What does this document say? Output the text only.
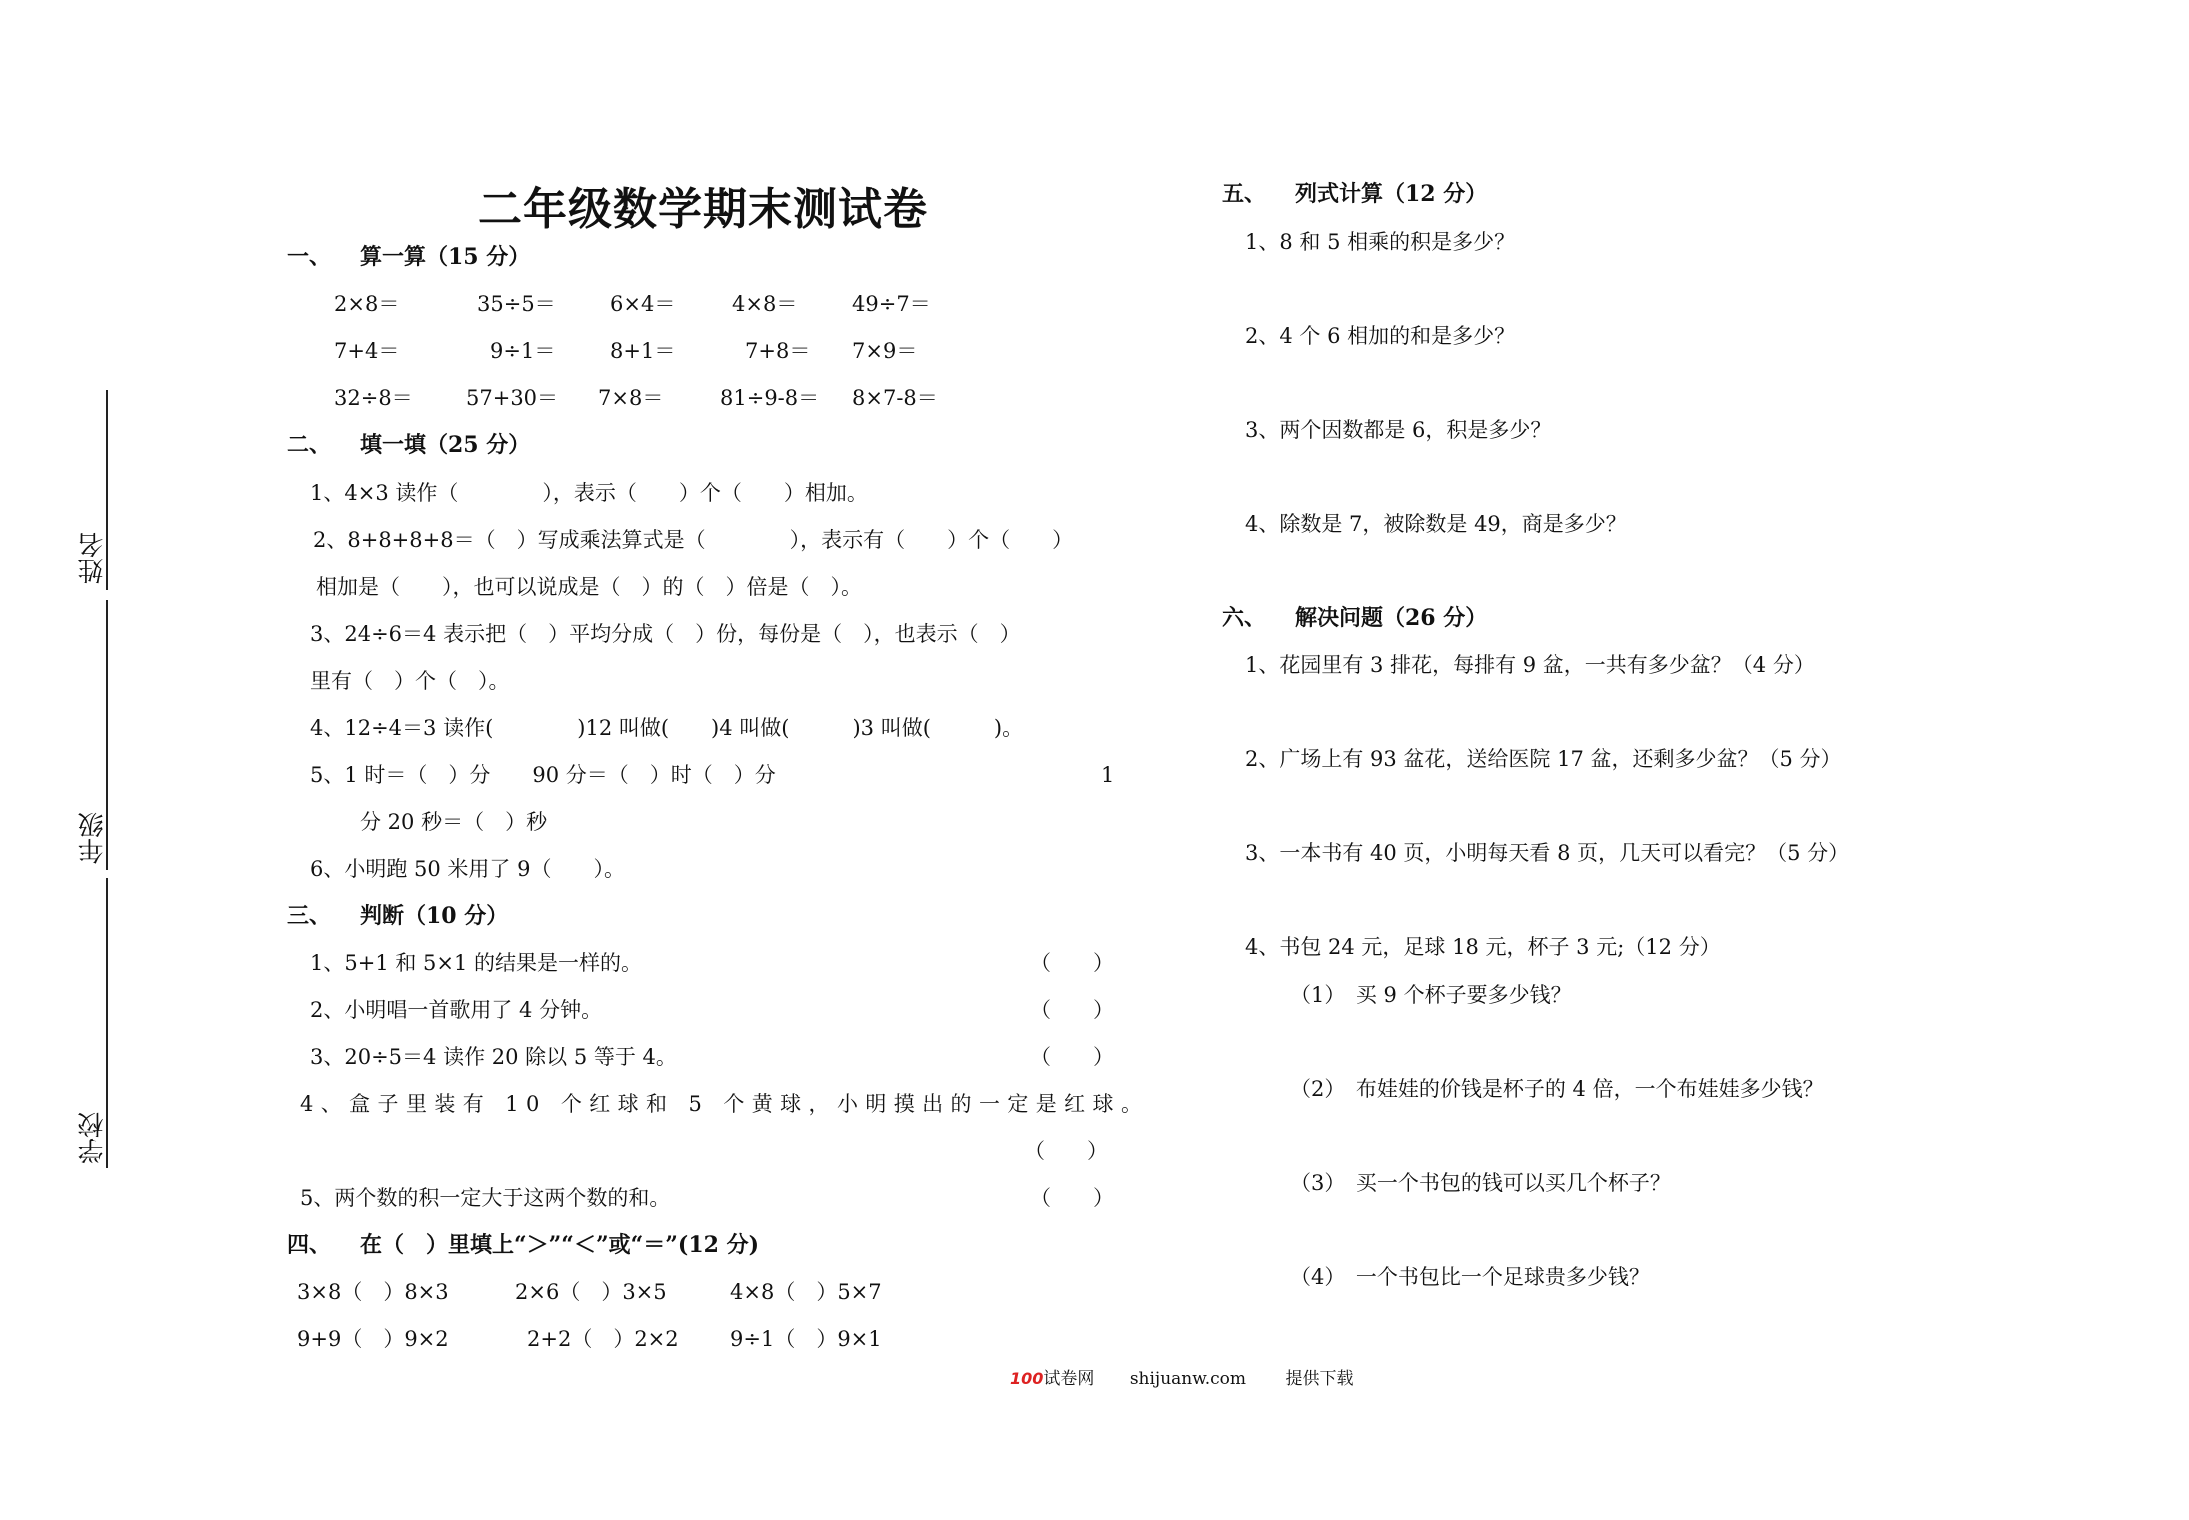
学校
年级
姓名
二年级数学期末测试卷
一、 算一算（15 分）
2×8＝	35÷5＝	6×4＝	4×8＝	49÷7＝
7+4＝	9÷1＝	8+1＝	7+8＝ 7×9＝
32÷8＝	57+30＝ 7×8＝	81÷9-8＝ 8×7-8＝
二、 填一填（25 分）
1、4×3 读作（　　　　），表示（　　）个（　　）相加。
2、8+8+8+8＝（　）写成乘法算式是（　　　　），表示有（　　）个（　　）
相加是（　　），也可以说成是（　）的（　）倍是（　）。
3、24÷6＝4 表示把（　）平均分成（　）份，每份是（　），也表示（　）
里有（　）个（　）。
4、12÷4＝3 读作(　　　　)12 叫做(　　)4 叫做(　　　)3 叫做(　　　)。
5、1 时＝（　）分　　90 分＝（　）时（　）分	1
分 20 秒＝（　）秒
6、小明跑 50 米用了 9（　　）。
三、 判断（10 分）
1、5+1 和 5×1 的结果是一样的。	（　　）
2、小明唱一首歌用了 4 分钟。	（　　）
3、20÷5＝4 读作 20 除以 5 等于 4。	（　　）
4、盒子里装有 10 个红球和 5 个黄球，小明摸出的一定是红球。
（　　）
5、两个数的积一定大于这两个数的和。	（　　）
四、 在（　）里填上“＞”“＜”或“＝”(12 分)
3×8（　）8×3	2×6（　）3×5	4×8（　）5×7
9+9（　）9×2	2+2（　）2×2 9÷1（　）9×1
五、 列式计算（12 分）
1、8 和 5 相乘的积是多少？
2、4 个 6 相加的和是多少？
3、两个因数都是 6，积是多少？
4、除数是 7，被除数是 49，商是多少？
六、 解决问题（26 分）
1、花园里有 3 排花，每排有 9 盆，一共有多少盆？（4 分）
2、广场上有 93 盆花，送给医院 17 盆，还剩多少盆？（5 分）
3、一本书有 40 页，小明每天看 8 页，几天可以看完？（5 分）
4、书包 24 元，足球 18 元，杯子 3 元;（12 分）
（1）　买 9 个杯子要多少钱？
（2）　布娃娃的价钱是杯子的 4 倍，一个布娃娃多少钱？
（3）　买一个书包的钱可以买几个杯子？
（4）　一个书包比一个足球贵多少钱？
100试卷网 shijuanw.com 提供下载
